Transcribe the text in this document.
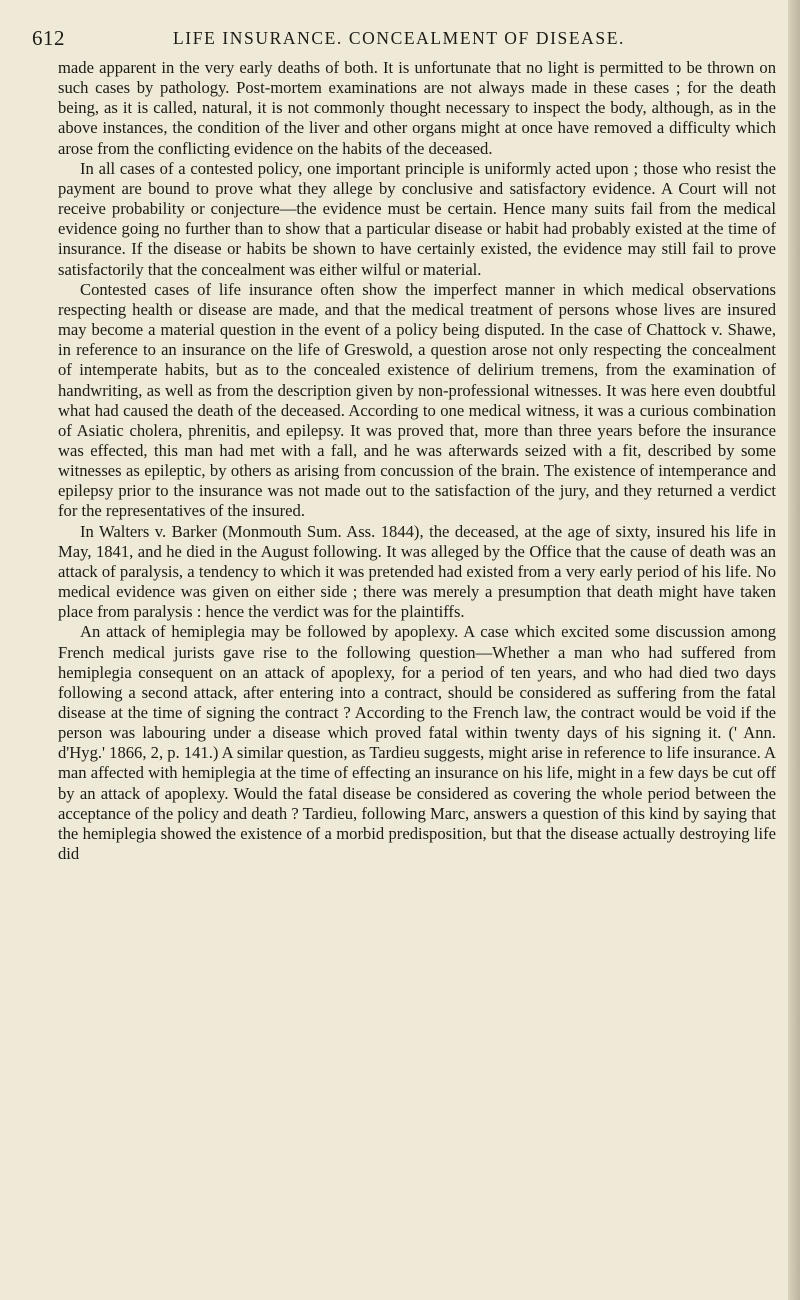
612	LIFE INSURANCE. CONCEALMENT OF DISEASE.

made apparent in the very early deaths of both. It is unfortunate that no light is permitted to be thrown on such cases by pathology. Post-mortem examinations are not always made in these cases ; for the death being, as it is called, natural, it is not commonly thought necessary to inspect the body, although, as in the above instances, the condition of the liver and other organs might at once have removed a difficulty which arose from the conflicting evidence on the habits of the deceased.

In all cases of a contested policy, one important principle is uniformly acted upon ; those who resist the payment are bound to prove what they allege by conclusive and satisfactory evidence. A Court will not receive probability or conjecture—the evidence must be certain. Hence many suits fail from the medical evidence going no further than to show that a particular disease or habit had probably existed at the time of insurance. If the disease or habits be shown to have certainly existed, the evidence may still fail to prove satisfactorily that the concealment was either wilful or material.

Contested cases of life insurance often show the imperfect manner in which medical observations respecting health or disease are made, and that the medical treatment of persons whose lives are insured may become a material question in the event of a policy being disputed. In the case of Chattock v. Shawe, in reference to an insurance on the life of Greswold, a question arose not only respecting the concealment of intemperate habits, but as to the concealed existence of delirium tremens, from the examination of handwriting, as well as from the description given by non-professional witnesses. It was here even doubtful what had caused the death of the deceased. According to one medical witness, it was a curious combination of Asiatic cholera, phrenitis, and epilepsy. It was proved that, more than three years before the insurance was effected, this man had met with a fall, and he was afterwards seized with a fit, described by some witnesses as epileptic, by others as arising from concussion of the brain. The existence of intemperance and epilepsy prior to the insurance was not made out to the satisfaction of the jury, and they returned a verdict for the representatives of the insured.

In Walters v. Barker (Monmouth Sum. Ass. 1844), the deceased, at the age of sixty, insured his life in May, 1841, and he died in the August following. It was alleged by the Office that the cause of death was an attack of paralysis, a tendency to which it was pretended had existed from a very early period of his life. No medical evidence was given on either side ; there was merely a presumption that death might have taken place from paralysis : hence the verdict was for the plaintiffs.

An attack of hemiplegia may be followed by apoplexy. A case which excited some discussion among French medical jurists gave rise to the following question—Whether a man who had suffered from hemiplegia consequent on an attack of apoplexy, for a period of ten years, and who had died two days following a second attack, after entering into a contract, should be considered as suffering from the fatal disease at the time of signing the contract ? According to the French law, the contract would be void if the person was labouring under a disease which proved fatal within twenty days of his signing it. (' Ann. d'Hyg.' 1866, 2, p. 141.) A similar question, as Tardieu suggests, might arise in reference to life insurance. A man affected with hemiplegia at the time of effecting an insurance on his life, might in a few days be cut off by an attack of apoplexy. Would the fatal disease be considered as covering the whole period between the acceptance of the policy and death ? Tardieu, following Marc, answers a question of this kind by saying that the hemiplegia showed the existence of a morbid predisposition, but that the disease actually destroying life did
